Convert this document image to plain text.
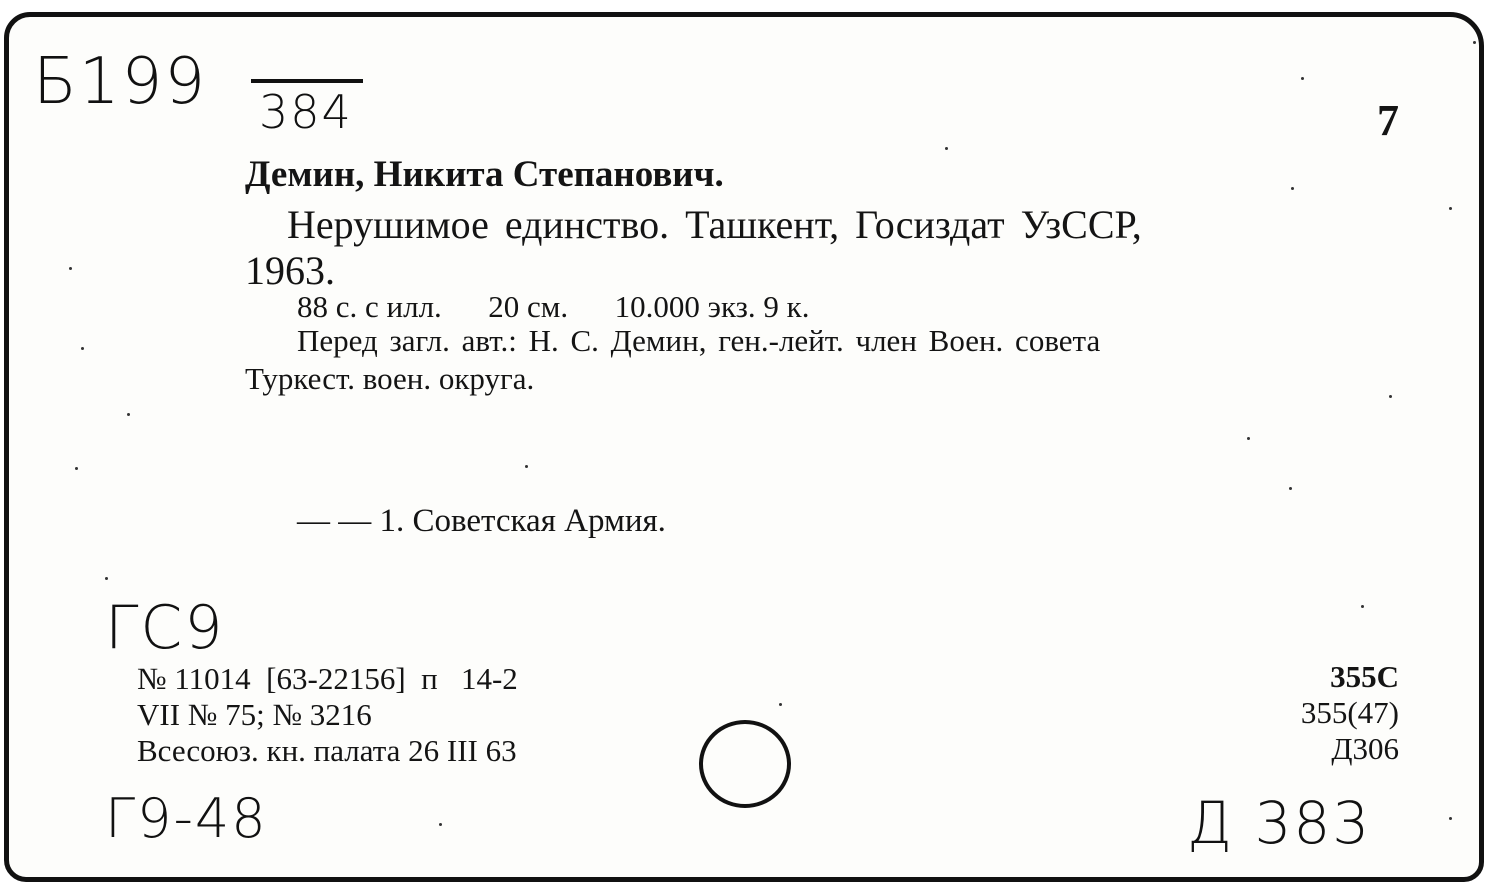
Б199 384	7
Демин, Никита Степанович.
Нерушимое единство. Ташкент, Госиздат УзССР,
1963.
88 с. с илл.      20 см.      10.000 экз. 9 к.
Перед загл. авт.: Н. С. Демин, ген.-лейт. член Воен. совета
Туркест. воен. округа.
— — 1. Советская Армия.
ГС9
№ 11014  [63-22156]  п   14-2
VII № 75; № 3216
Всесоюз. кн. палата 26 III 63
355С
355(47)
Д306
Г9-48	Д 383
